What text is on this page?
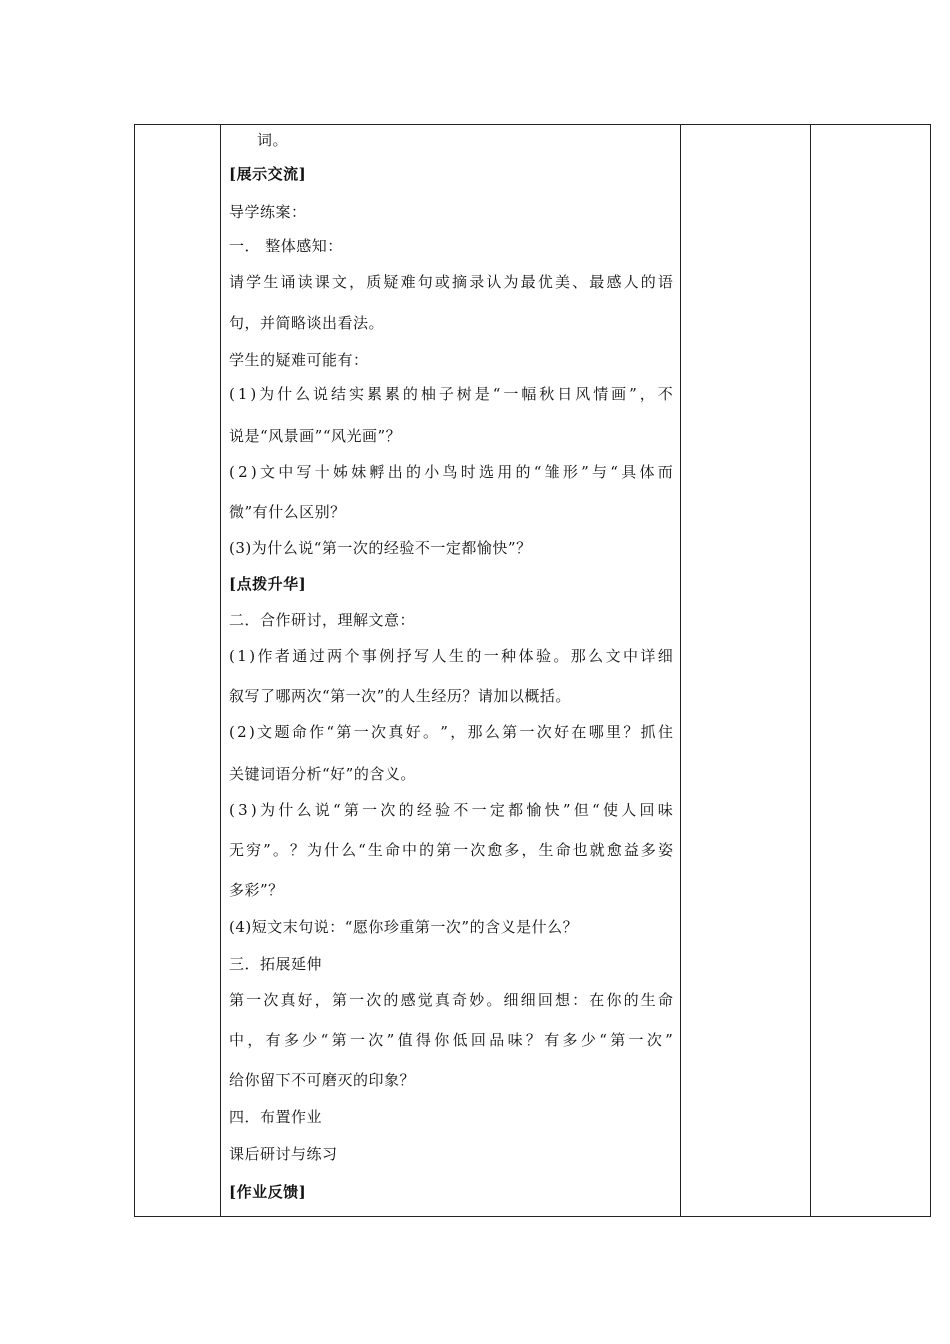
词。
[展示交流]
导学练案：
一． 整体感知：
请 学 生 诵 读 课 文 ， 质 疑 难 句 或 摘 录 认 为 最 优 美 、 最 感 人 的 语
句，并简略谈出看法。
学生的疑难可能有：
( 1 ) 为 什 么 说 结 实 累 累 的 柚 子 树 是 “ 一 幅 秋 日 风 情 画 ” ， 不
说是“风景画”“风光画”？
( 2 ) 文 中 写 十 姊 妹 孵 出 的 小 鸟 时 选 用 的 “ 雏 形 ” 与 “ 具 体 而
微”有什么区别？
(3)为什么说“第一次的经验不一定都愉快”？
[点拨升华]
二．合作研讨，理解文意：
( 1 ) 作 者 通 过 两 个 事 例 抒 写 人 生 的 一 种 体 验 。 那 么 文 中 详 细
叙写了哪两次“第一次”的人生经历？请加以概括。
( 2 ) 文 题 命 作 “ 第 一 次 真 好 。 ” ， 那 么 第 一 次 好 在 哪 里 ？ 抓 住
关键词语分析“好”的含义。
( 3 ) 为 什 么 说 “ 第 一 次 的 经 验 不 一 定 都 愉 快 ” 但 “ 使 人 回 味
无 穷 ” 。 ？ 为 什 么 “ 生 命 中 的 第 一 次 愈 多 ， 生 命 也 就 愈 益 多 姿
多彩”？
(4)短文末句说：“愿你珍重第一次”的含义是什么？
三．拓展延伸
第 一 次 真 好 ， 第 一 次 的 感 觉 真 奇 妙 。 细 细 回 想 ： 在 你 的 生 命
中 ， 有 多 少 “ 第 一 次 ” 值 得 你 低 回 品 味 ？ 有 多 少 “ 第 一 次 ”
给你留下不可磨灭的印象？
四．布置作业
课后研讨与练习
[作业反馈]
